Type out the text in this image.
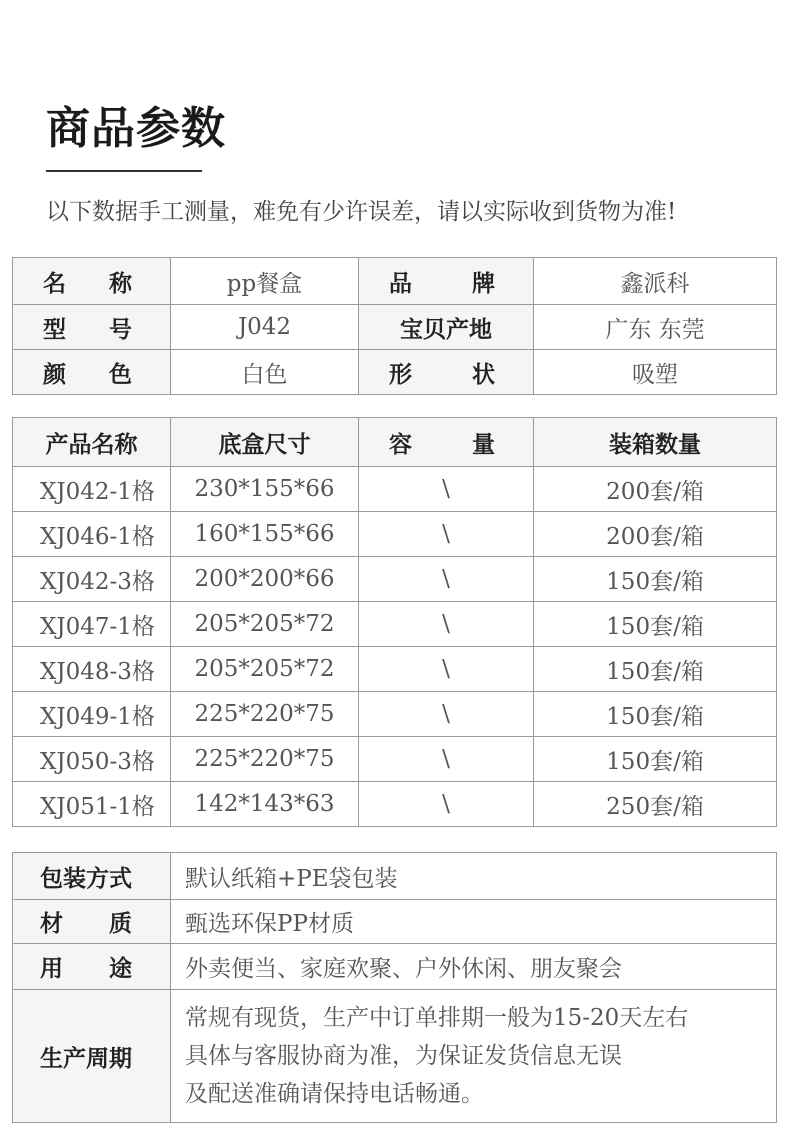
商品参数
以下数据手工测量，难免有少许误差，请以实际收到货物为准!
名 称	pp餐盒	品 牌	鑫派科
型 号	J042	宝贝产地	广东 东莞
颜 色	白色	形 状	吸塑
产品名称	底盒尺寸	容 量	装箱数量
XJ042-1格	230*155*66	\	200套/箱
XJ046-1格	160*155*66	\	200套/箱
XJ042-3格	200*200*66	\	150套/箱
XJ047-1格	205*205*72	\	150套/箱
XJ048-3格	205*205*72	\	150套/箱
XJ049-1格	225*220*75	\	150套/箱
XJ050-3格	225*220*75	\	150套/箱
XJ051-1格	142*143*63	\	250套/箱
包装方式	默认纸箱+PE袋包装
材 质	甄选环保PP材质
用 途	外卖便当、家庭欢聚、户外休闲、朋友聚会
生产周期	常规有现货，生产中订单排期一般为15-20天左右
具体与客服协商为准，为保证发货信息无误
及配送准确请保持电话畅通。
